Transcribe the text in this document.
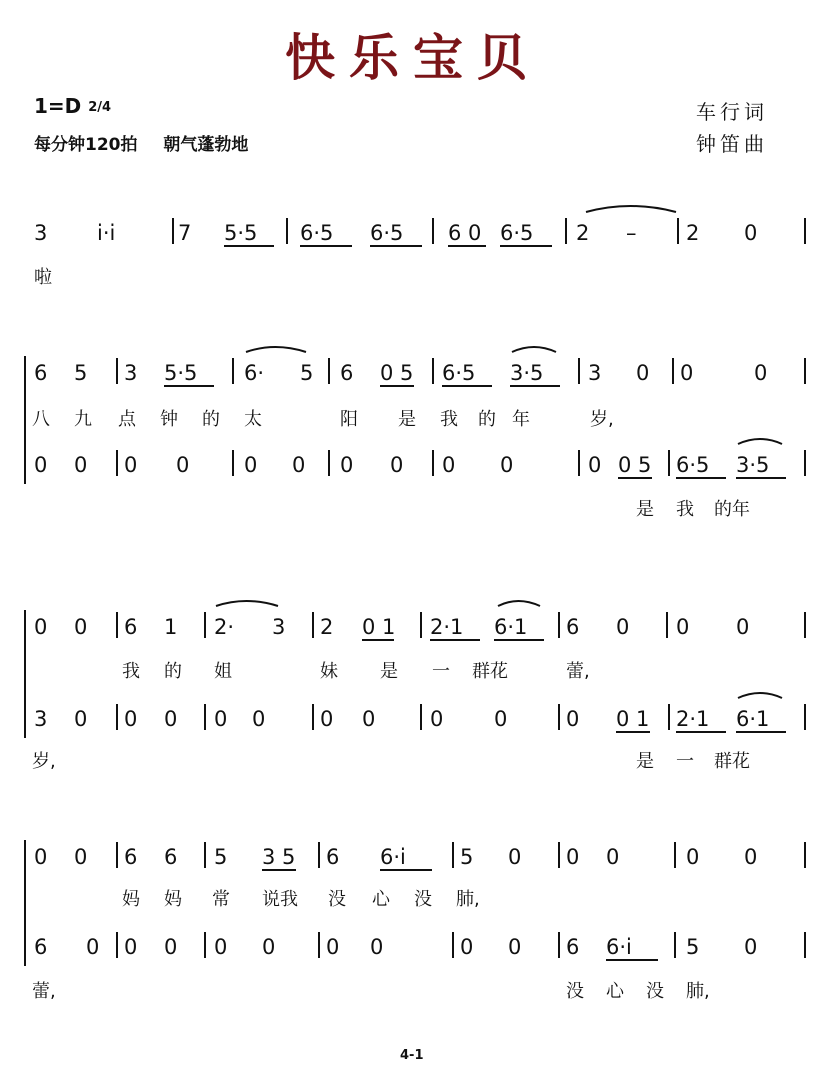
快乐宝贝
1=D 2/4
每分钟120拍 朝气蓬勃地
车行词
钟笛曲
3 i·i	7 5·5 6·5 6·5 6 0 6·5 2 – 2 0
啦
6 5 3 5·5 6· 5 6 0 5 6·5 3·5 3 0 0	0
八 九 点 钟 的 太	阳 是 我 的 年	岁,
0 0 0 0	0 0 0 0 0 0	0 0 5 6·5 3·5
是 我 的年
0 0 6 1 2· 3 2 0 1 2·1 6·1 6 0 0 0
我 的 姐	妹 是 一 群花	蕾,
3 0 0 0 0 0	0 0	0 0	0 0 1 2·1 6·1
岁,	是 一 群花
0 0 6 6 5 3 5 6 6·i	5 0 0 0	0 0
妈 妈 常 说我 没 心 没 肺,
6 0 0 0 0 0 0 0	0 0 6 6·i	5 0
蕾,	没 心 没 肺,
4-1
